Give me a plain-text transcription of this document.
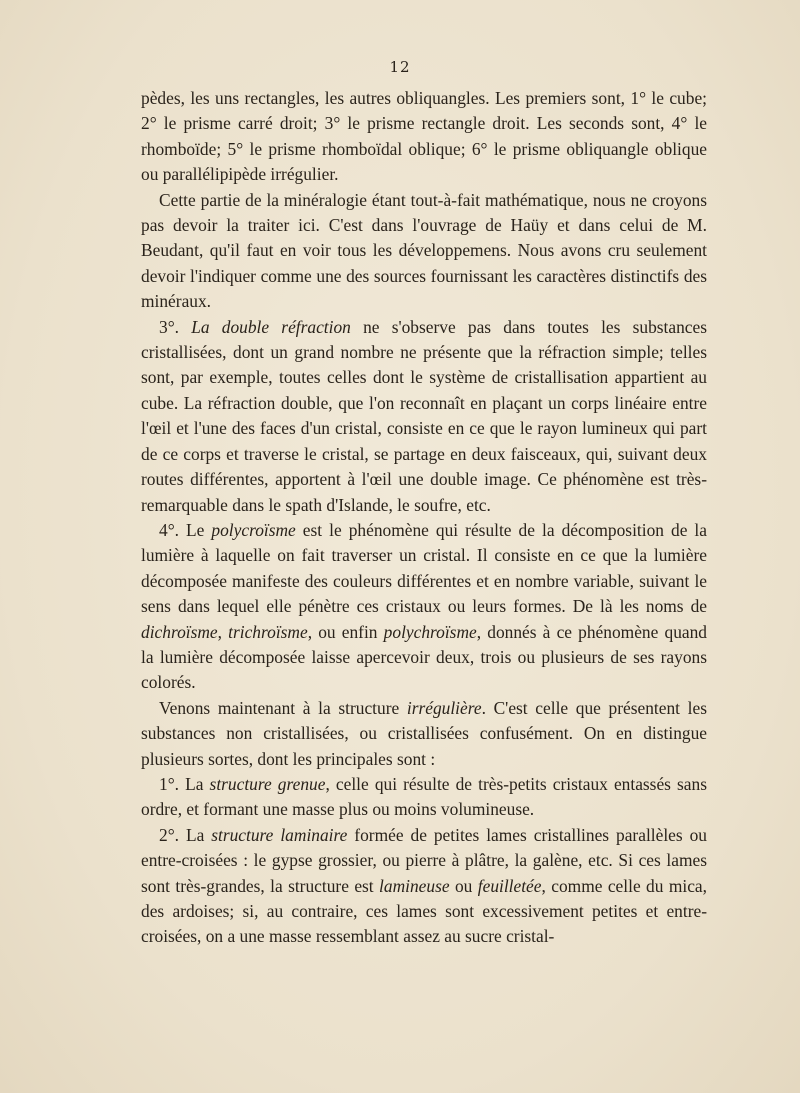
12

pèdes, les uns rectangles, les autres obliquangles. Les premiers sont, 1° le cube; 2° le prisme carré droit; 3° le prisme rectangle droit. Les seconds sont, 4° le rhomboïde; 5° le prisme rhomboïdal oblique; 6° le prisme obliquangle oblique ou parallélipipède irrégulier.

Cette partie de la minéralogie étant tout-à-fait mathématique, nous ne croyons pas devoir la traiter ici. C'est dans l'ouvrage de Haüy et dans celui de M. Beudant, qu'il faut en voir tous les développemens. Nous avons cru seulement devoir l'indiquer comme une des sources fournissant les caractères distinctifs des minéraux.

3°. La double réfraction ne s'observe pas dans toutes les substances cristallisées, dont un grand nombre ne présente que la réfraction simple; telles sont, par exemple, toutes celles dont le système de cristallisation appartient au cube. La réfraction double, que l'on reconnaît en plaçant un corps linéaire entre l'œil et l'une des faces d'un cristal, consiste en ce que le rayon lumineux qui part de ce corps et traverse le cristal, se partage en deux faisceaux, qui, suivant deux routes différentes, apportent à l'œil une double image. Ce phénomène est très-remarquable dans le spath d'Islande, le soufre, etc.

4°. Le polycroïsme est le phénomène qui résulte de la décomposition de la lumière à laquelle on fait traverser un cristal. Il consiste en ce que la lumière décomposée manifeste des couleurs différentes et en nombre variable, suivant le sens dans lequel elle pénètre ces cristaux ou leurs formes. De là les noms de dichroïsme, trichroïsme, ou enfin polychroïsme, donnés à ce phénomène quand la lumière décomposée laisse apercevoir deux, trois ou plusieurs de ses rayons colorés.

Venons maintenant à la structure irrégulière. C'est celle que présentent les substances non cristallisées, ou cristallisées confusément. On en distingue plusieurs sortes, dont les principales sont :

1°. La structure grenue, celle qui résulte de très-petits cristaux entassés sans ordre, et formant une masse plus ou moins volumineuse.

2°. La structure laminaire formée de petites lames cristallines parallèles ou entre-croisées : le gypse grossier, ou pierre à plâtre, la galène, etc. Si ces lames sont très-grandes, la structure est lamineuse ou feuilletée, comme celle du mica, des ardoises; si, au contraire, ces lames sont excessivement petites et entre-croisées, on a une masse ressemblant assez au sucre cristal-
